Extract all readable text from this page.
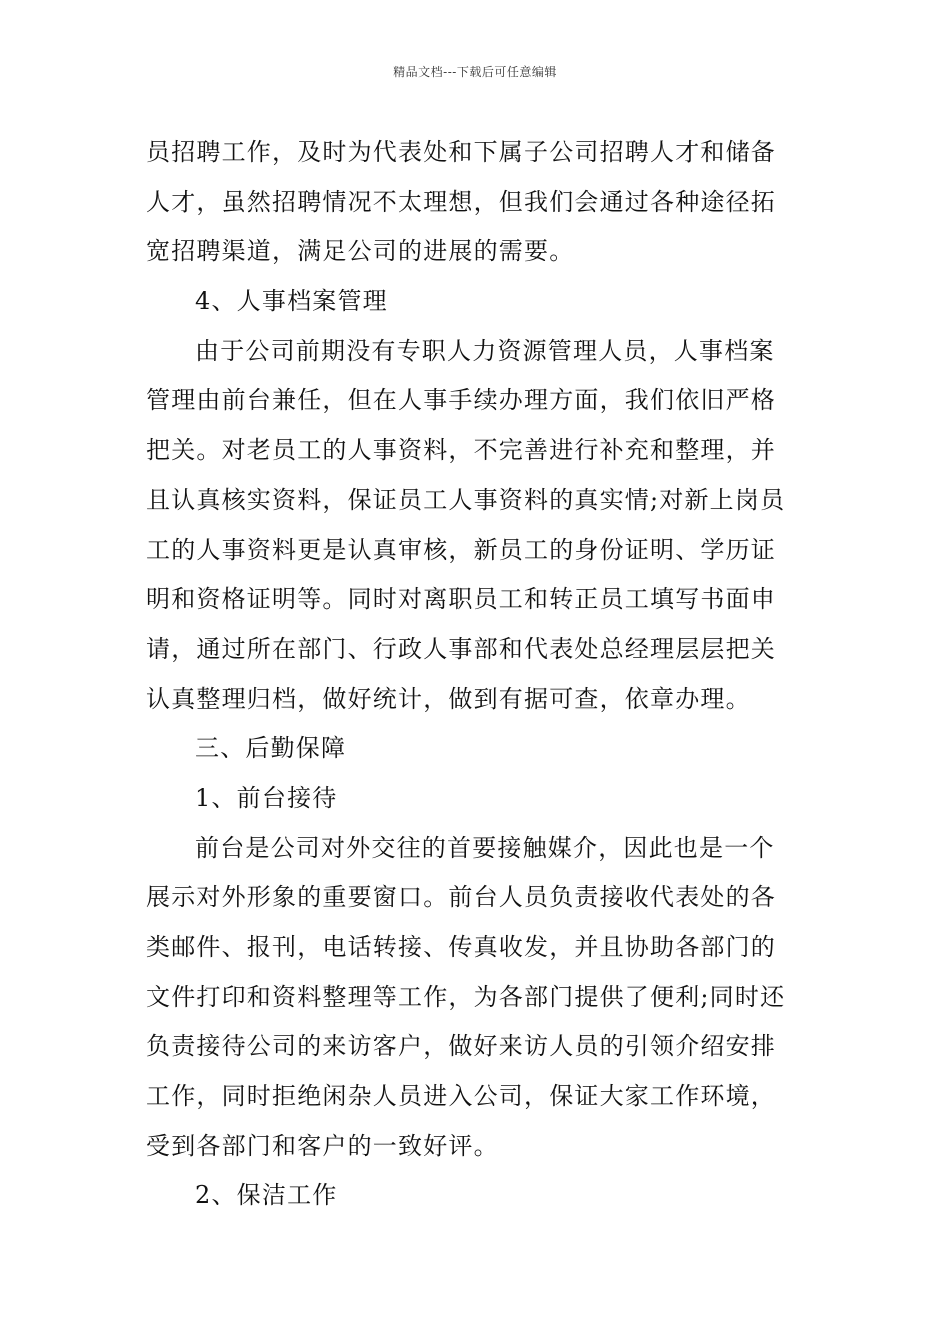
精品文档---下载后可任意编辑
员招聘工作，及时为代表处和下属子公司招聘人才和储备
人才，虽然招聘情况不太理想，但我们会通过各种途径拓
宽招聘渠道，满足公司的进展的需要。
4、人事档案管理
由于公司前期没有专职人力资源管理人员，人事档案
管理由前台兼任，但在人事手续办理方面，我们依旧严格
把关。对老员工的人事资料，不完善进行补充和整理，并
且认真核实资料，保证员工人事资料的真实情;对新上岗员
工的人事资料更是认真审核，新员工的身份证明、学历证
明和资格证明等。同时对离职员工和转正员工填写书面申
请，通过所在部门、行政人事部和代表处总经理层层把关
认真整理归档，做好统计，做到有据可查，依章办理。
三、后勤保障
1、前台接待
前台是公司对外交往的首要接触媒介，因此也是一个
展示对外形象的重要窗口。前台人员负责接收代表处的各
类邮件、报刊，电话转接、传真收发，并且协助各部门的
文件打印和资料整理等工作，为各部门提供了便利;同时还
负责接待公司的来访客户，做好来访人员的引领介绍安排
工作，同时拒绝闲杂人员进入公司，保证大家工作环境，
受到各部门和客户的一致好评。
2、保洁工作
